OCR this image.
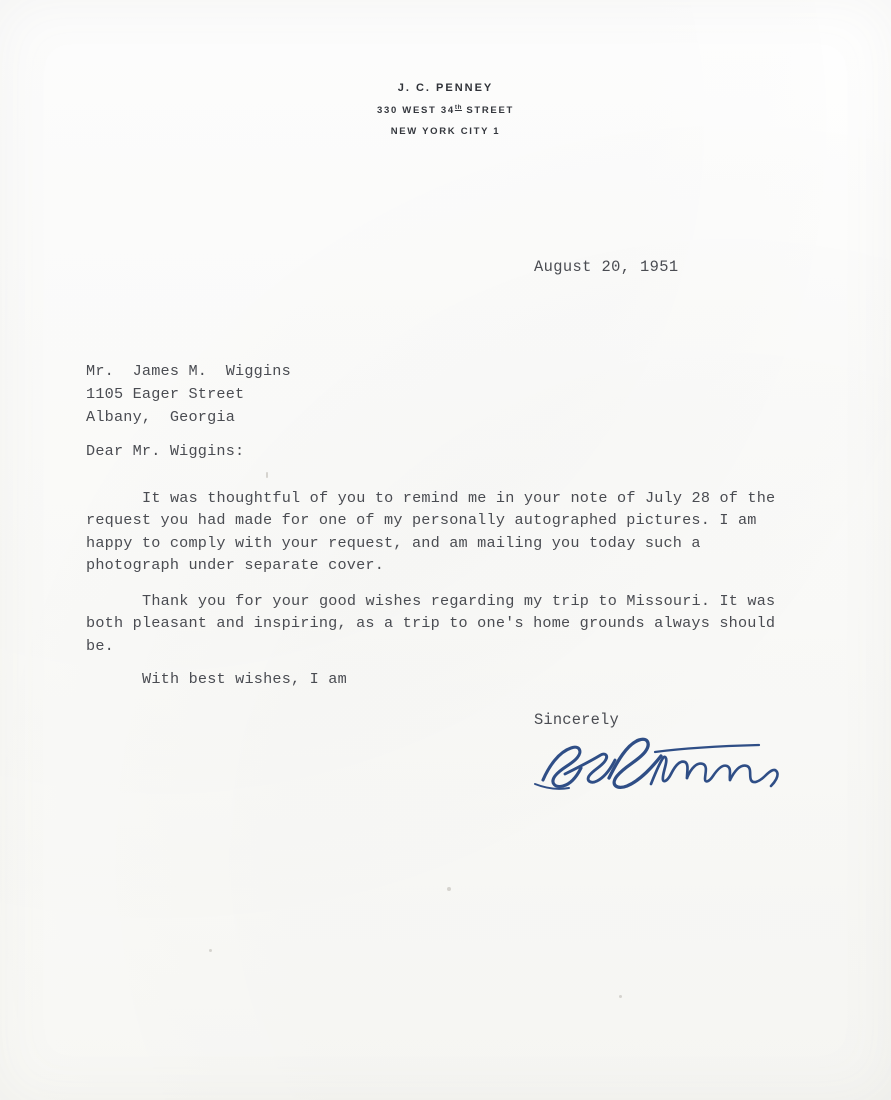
J. C. PENNEY
330 WEST 34th STREET
NEW YORK CITY 1
August 20, 1951
Mr.  James M.  Wiggins
1105 Eager Street
Albany,  Georgia
Dear Mr. Wiggins:
It was thoughtful of you to remind me in your note of July 28 of the request you had made for one of my personally autographed pictures. I am happy to comply with your request, and am mailing you today such a photograph under separate cover.
Thank you for your good wishes regarding my trip to Missouri. It was both pleasant and inspiring, as a trip to one's home grounds always should be.
With best wishes, I am
Sincerely
